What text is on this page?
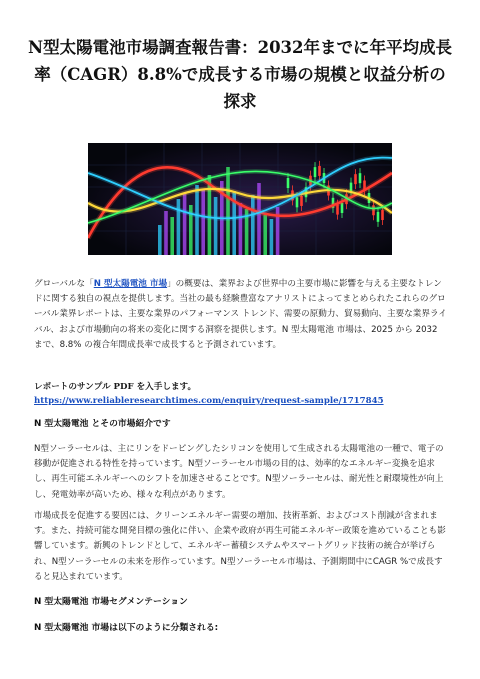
N型太陽電池市場調査報告書：2032年までに年平均成長率（CAGR）8.8%で成長する市場の規模と収益分析の探求

グローバルな「N 型太陽電池 市場」の概要は、業界および世界中の主要市場に影響を与える主要なトレンドに関する独自の視点を提供します。当社の最も経験豊富なアナリストによってまとめられたこれらのグローバル業界レポートは、主要な業界のパフォーマンス トレンド、需要の原動力、貿易動向、主要な業界ライバル、および市場動向の将来の変化に関する洞察を提供します。N 型太陽電池 市場は、2025 から 2032 まで、8.8% の複合年間成長率で成長すると予測されています。

レポートのサンプル PDF を入手します。 https://www.reliableresearchtimes.com/enquiry/request-sample/1717845

N 型太陽電池 とその市場紹介です

N型ソーラーセルは、主にリンをドーピングしたシリコンを使用して生成される太陽電池の一種で、電子の移動が促進される特性を持っています。N型ソーラーセル市場の目的は、効率的なエネルギー変換を追求し、再生可能エネルギーへのシフトを加速させることです。N型ソーラーセルは、耐光性と耐環境性が向上し、発電効率が高いため、様々な利点があります。

市場成長を促進する要因には、クリーンエネルギー需要の増加、技術革新、およびコスト削減が含まれます。また、持続可能な開発目標の強化に伴い、企業や政府が再生可能エネルギー政策を進めていることも影響しています。新興のトレンドとして、エネルギー蓄積システムやスマートグリッド技術の統合が挙げられ、N型ソーラーセルの未来を形作っています。N型ソーラーセル市場は、予測期間中にCAGR %で成長すると見込まれています。

N 型太陽電池 市場セグメンテーション

N 型太陽電池 市場は以下のように分類される:
